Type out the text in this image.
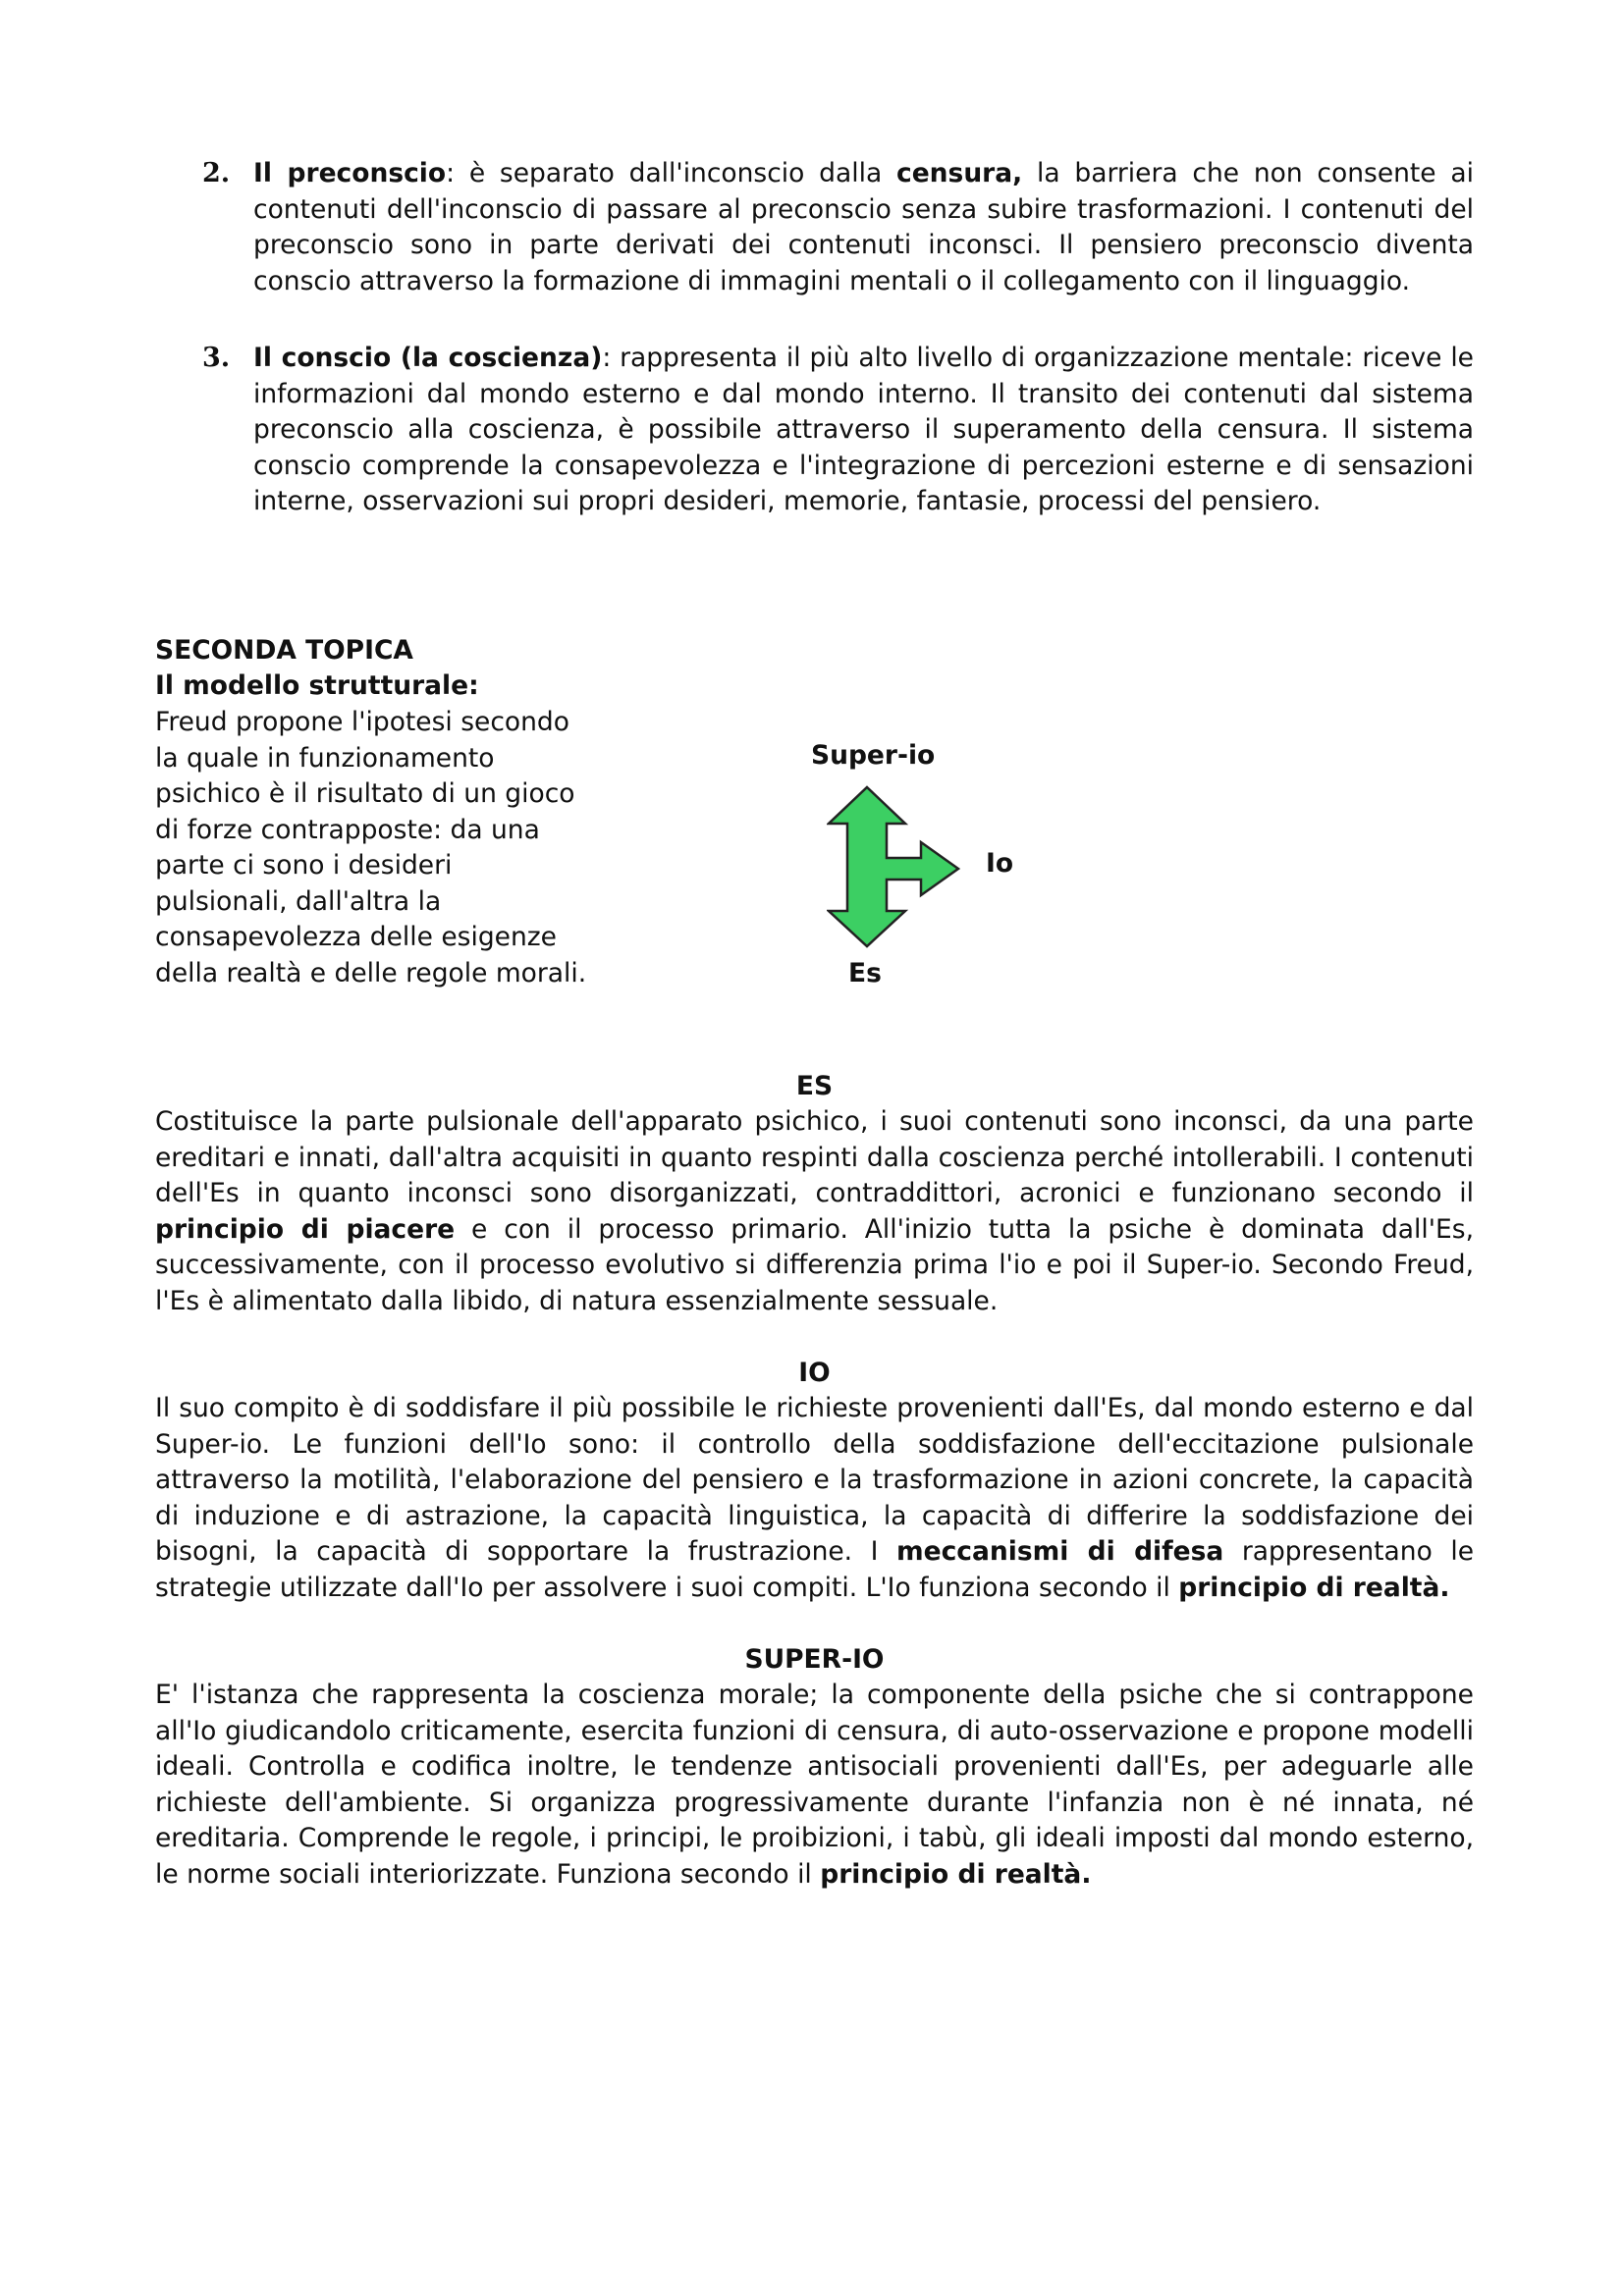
2. Il preconscio: è separato dall'inconscio dalla censura, la barriera che non consente ai contenuti dell'inconscio di passare al preconscio senza subire trasformazioni. I contenuti del preconscio sono in parte derivati dei contenuti inconsci. Il pensiero preconscio diventa conscio attraverso la formazione di immagini mentali o il collegamento con il linguaggio.
3. Il conscio (la coscienza): rappresenta il più alto livello di organizzazione mentale: riceve le informazioni dal mondo esterno e dal mondo interno. Il transito dei contenuti dal sistema preconscio alla coscienza, è possibile attraverso il superamento della censura. Il sistema conscio comprende la consapevolezza e l'integrazione di percezioni esterne e di sensazioni interne, osservazioni sui propri desideri, memorie, fantasie, processi del pensiero.
SECONDA TOPICA
Il modello strutturale:
Freud propone l'ipotesi secondo la quale in funzionamento psichico è il risultato di un gioco di forze contrapposte: da una parte ci sono i desideri pulsionali, dall'altra la consapevolezza delle esigenze della realtà e delle regole morali.
Super-io
Io
Es
ES
Costituisce la parte pulsionale dell'apparato psichico, i suoi contenuti sono inconsci, da una parte ereditari e innati, dall'altra acquisiti in quanto respinti dalla coscienza perché intollerabili. I contenuti dell'Es in quanto inconsci sono disorganizzati, contraddittori, acronici e funzionano secondo il principio di piacere e con il processo primario. All'inizio tutta la psiche è dominata dall'Es, successivamente, con il processo evolutivo si differenzia prima l'io e poi il Super-io. Secondo Freud, l'Es è alimentato dalla libido, di natura essenzialmente sessuale.
IO
Il suo compito è di soddisfare il più possibile le richieste provenienti dall'Es, dal mondo esterno e dal Super-io. Le funzioni dell'Io sono: il controllo della soddisfazione dell'eccitazione pulsionale attraverso la motilità, l'elaborazione del pensiero e la trasformazione in azioni concrete, la capacità di induzione e di astrazione, la capacità linguistica, la capacità di differire la soddisfazione dei bisogni, la capacità di sopportare la frustrazione. I meccanismi di difesa rappresentano le strategie utilizzate dall'Io per assolvere i suoi compiti. L'Io funziona secondo il principio di realtà.
SUPER-IO
E' l'istanza che rappresenta la coscienza morale; la componente della psiche che si contrappone all'Io giudicandolo criticamente, esercita funzioni di censura, di auto-osservazione e propone modelli ideali. Controlla e codifica inoltre, le tendenze antisociali provenienti dall'Es, per adeguarle alle richieste dell'ambiente. Si organizza progressivamente durante l'infanzia non è né innata, né ereditaria. Comprende le regole, i principi, le proibizioni, i tabù, gli ideali imposti dal mondo esterno, le norme sociali interiorizzate. Funziona secondo il principio di realtà.
